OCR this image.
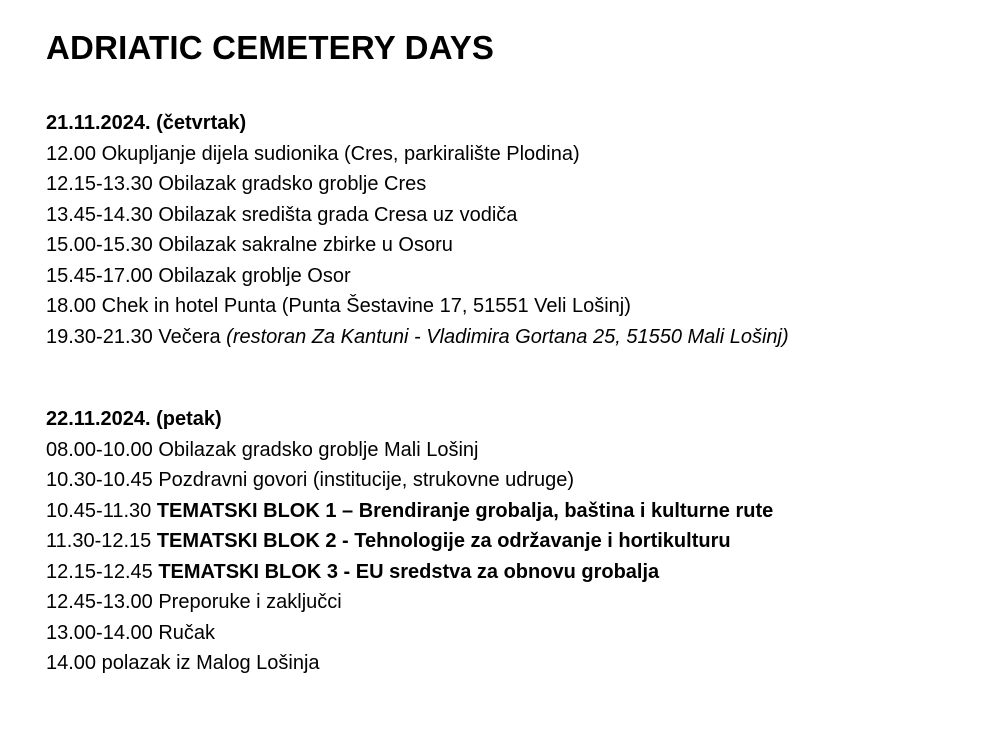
ADRIATIC CEMETERY DAYS

21.11.2024. (četvrtak)

12.00 Okupljanje dijela sudionika (Cres, parkiralište Plodina)

12.15-13.30 Obilazak gradsko groblje Cres

13.45-14.30 Obilazak središta grada Cresa uz vodiča

15.00-15.30 Obilazak sakralne zbirke u Osoru

15.45-17.00 Obilazak groblje Osor

18.00 Chek in hotel Punta (Punta Šestavine 17, 51551 Veli Lošinj)

19.30-21.30 Večera (restoran Za Kantuni - Vladimira Gortana 25, 51550 Mali Lošinj)

22.11.2024. (petak)

08.00-10.00 Obilazak gradsko groblje Mali Lošinj

10.30-10.45 Pozdravni govori (institucije, strukovne udruge)

10.45-11.30 TEMATSKI BLOK 1 – Brendiranje grobalja, baština i kulturne rute

11.30-12.15 TEMATSKI BLOK 2 - Tehnologije za održavanje i hortikulturu

12.15-12.45 TEMATSKI BLOK 3 - EU sredstva za obnovu grobalja

12.45-13.00 Preporuke i zaključci

13.00-14.00 Ručak

14.00 polazak iz Malog Lošinja
